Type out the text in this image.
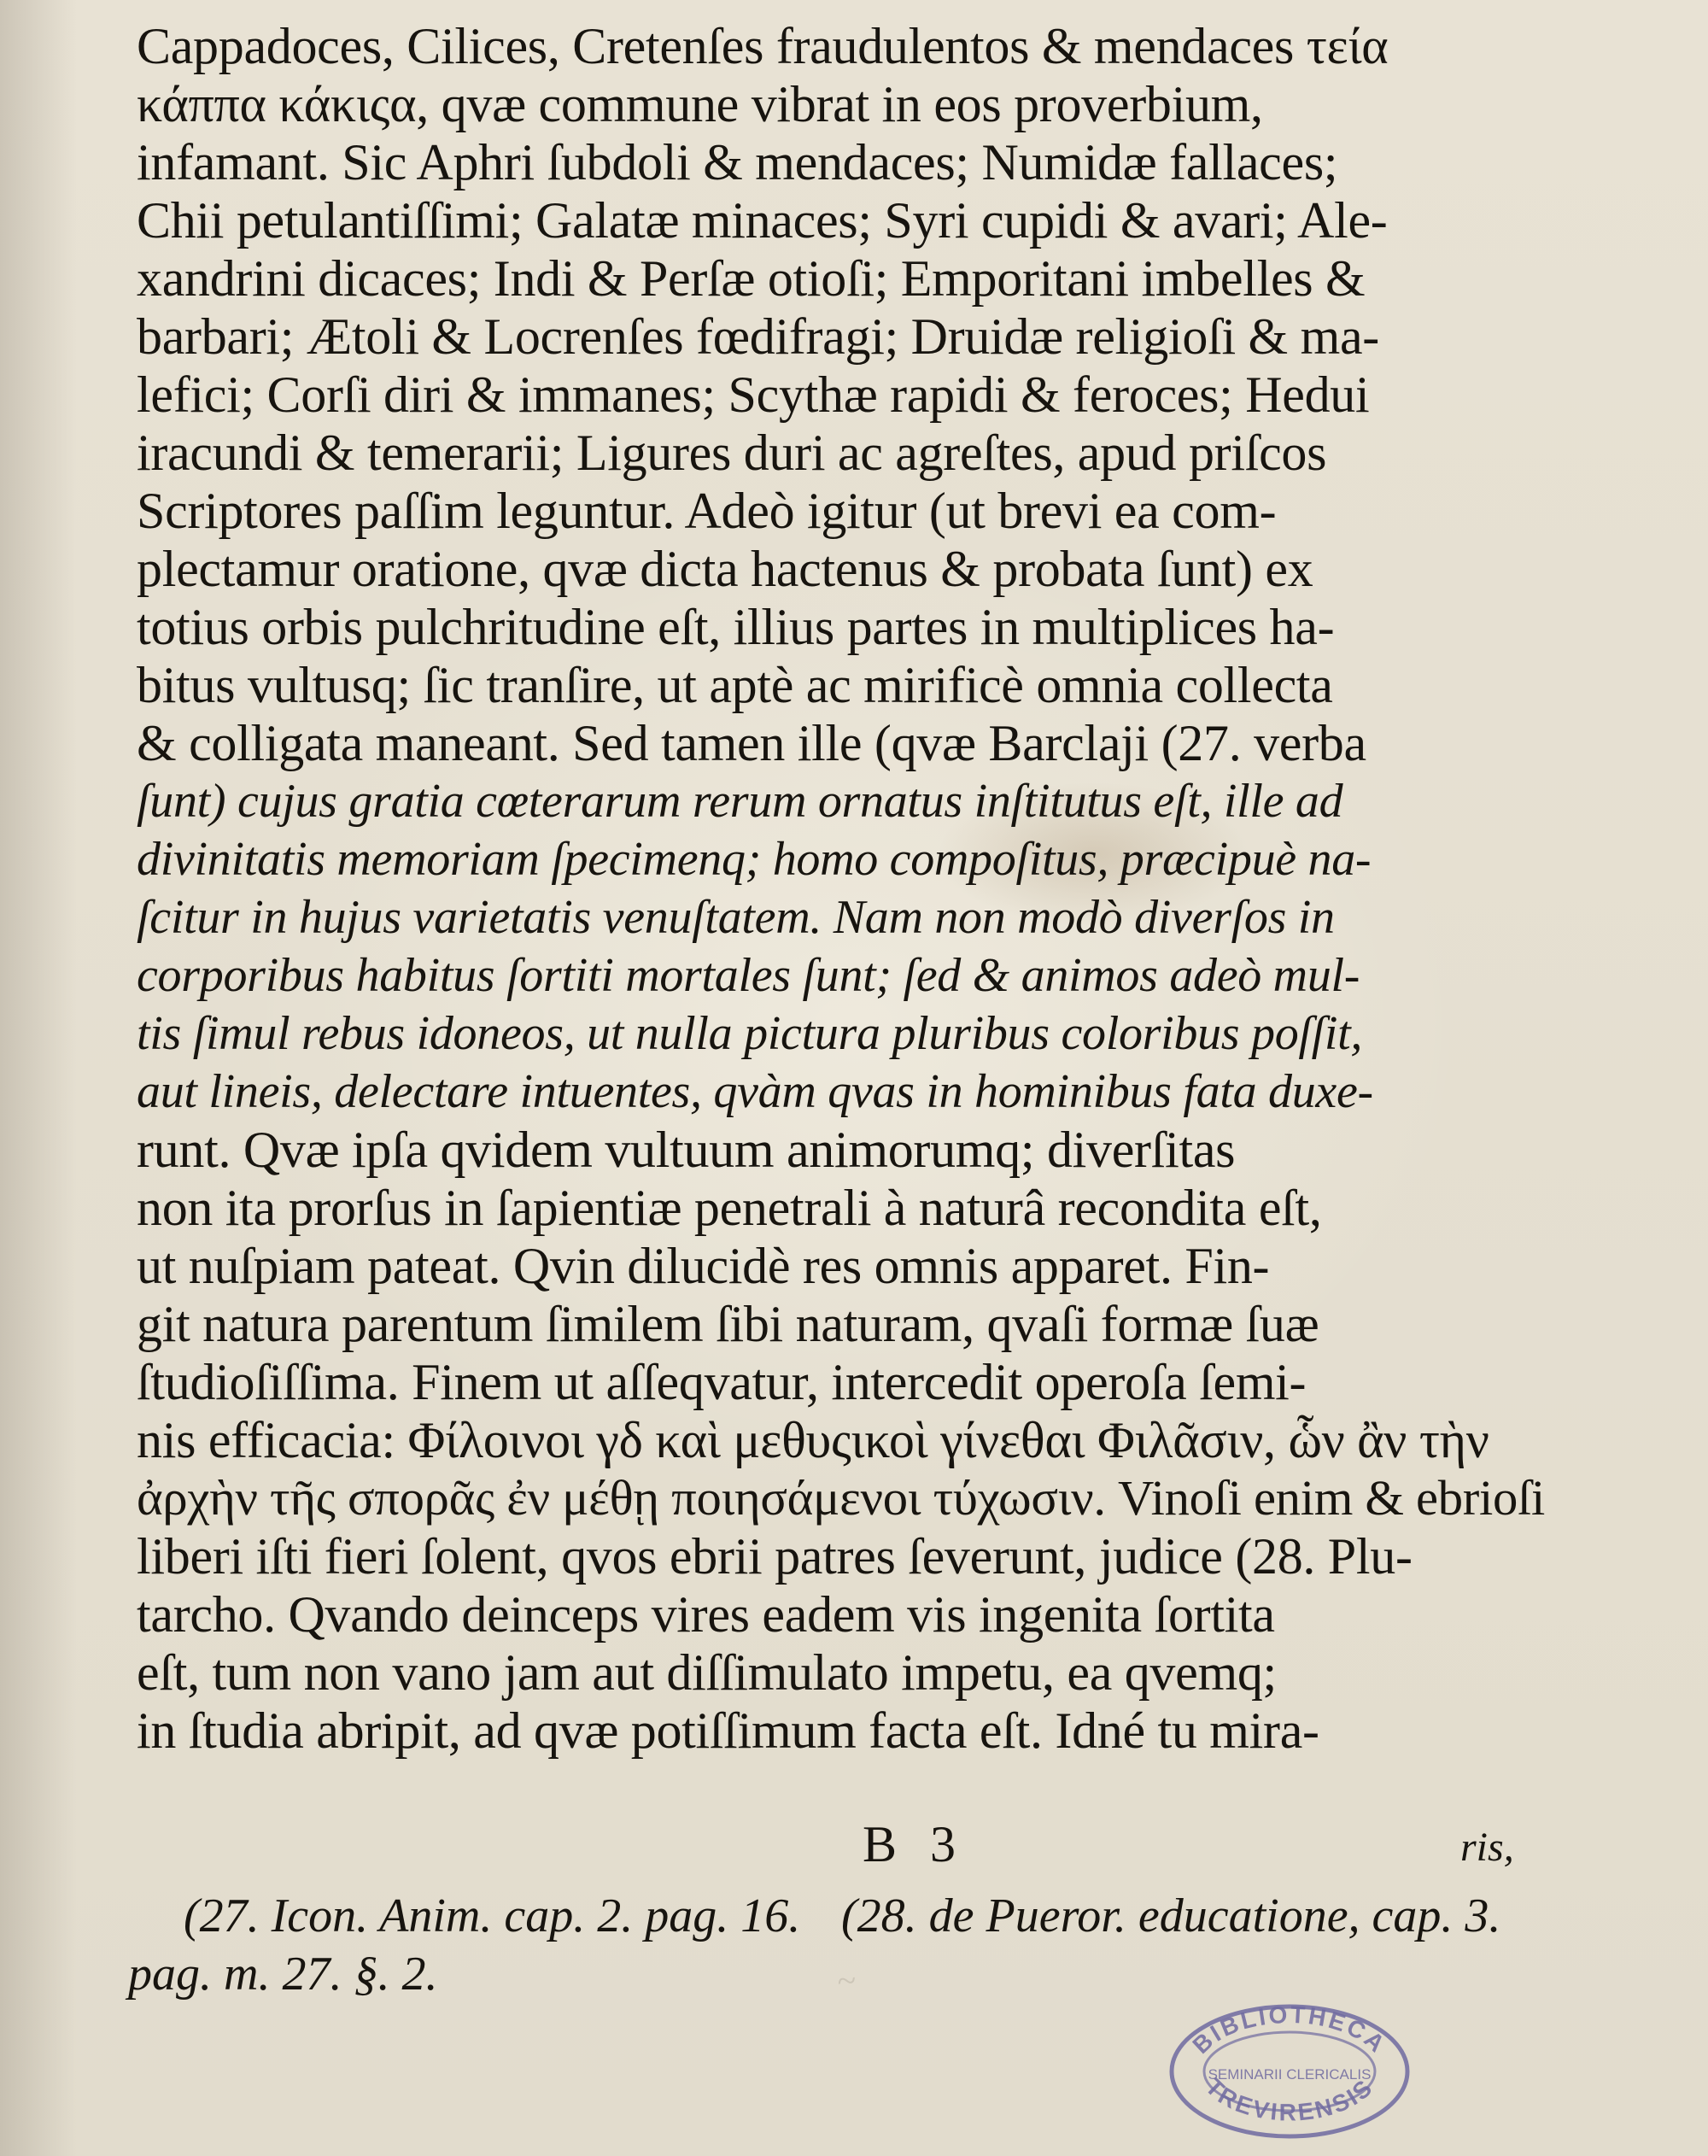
Cappadoces, Cilices, Cretenſes fraudulentos & mendaces τεία
κάππα κάκιςα, qvæ commune vibrat in eos proverbium,
infamant. Sic Aphri ſubdoli & mendaces; Numidæ fallaces;
Chii petulantiſſimi; Galatæ minaces; Syri cupidi & avari; Ale-
xandrini dicaces; Indi & Perſæ otioſi; Emporitani imbelles &
barbari; Ætoli & Locrenſes fœdifragi; Druidæ religioſi & ma-
lefici; Corſi diri & immanes; Scythæ rapidi & feroces; Hedui
iracundi & temerarii; Ligures duri ac agreſtes, apud priſcos
Scriptores paſſim leguntur. Adeò igitur (ut brevi ea com-
plectamur oratione, qvæ dicta hactenus & probata ſunt) ex
totius orbis pulchritudine eſt, illius partes in multiplices ha-
bitus vultusq; ſic tranſire, ut aptè ac mirificè omnia collecta
& colligata maneant. Sed tamen ille (qvæ Barclaji (27. verba
ſunt) cujus gratia cœterarum rerum ornatus inſtitutus eſt, ille ad
divinitatis memoriam ſpecimenq; homo compoſitus, præcipuè na-
ſcitur in hujus varietatis venuſtatem. Nam non modò diverſos in
corporibus habitus ſortiti mortales ſunt; ſed & animos adeò mul-
tis ſimul rebus idoneos, ut nulla pictura pluribus coloribus poſſit,
aut lineis, delectare intuentes, qvàm qvas in hominibus fata duxe-
runt. Qvæ ipſa qvidem vultuum animorumq; diverſitas
non ita prorſus in ſapientiæ penetrali à naturâ recondita eſt,
ut nuſpiam pateat. Qvin dilucidè res omnis apparet. Fin-
git natura parentum ſimilem ſibi naturam, qvaſi formæ ſuæ
ſtudioſiſſima. Finem ut aſſeqvatur, intercedit operoſa ſemi-
nis efficacia: Φίλοινοι γδ καὶ μεθυςικοὶ γίνεθαι Φιλᾶσιν, ὧν ἂν τὴν
ἀρχὴν τῆς σπορᾶς ἐν μέθῃ ποιησάμενοι τύχωσιν. Vinoſi enim & ebrioſi
liberi iſti fieri ſolent, qvos ebrii patres ſeverunt, judice (28. Plu-
tarcho. Qvando deinceps vires eadem vis ingenita ſortita
eſt, tum non vano jam aut diſſimulato impetu, ea qvemq;
in ſtudia abripit, ad qvæ potiſſimum facta eſt. Idné tu mira-
B 3	ris,
(27. Icon. Anim. cap. 2. pag. 16. (28. de Pueror. educatione, cap. 3.
pag. m. 27. §. 2.	~
BIBLIOTHECA
SEMINARII CLERICALIS
TREVIRENSIS
